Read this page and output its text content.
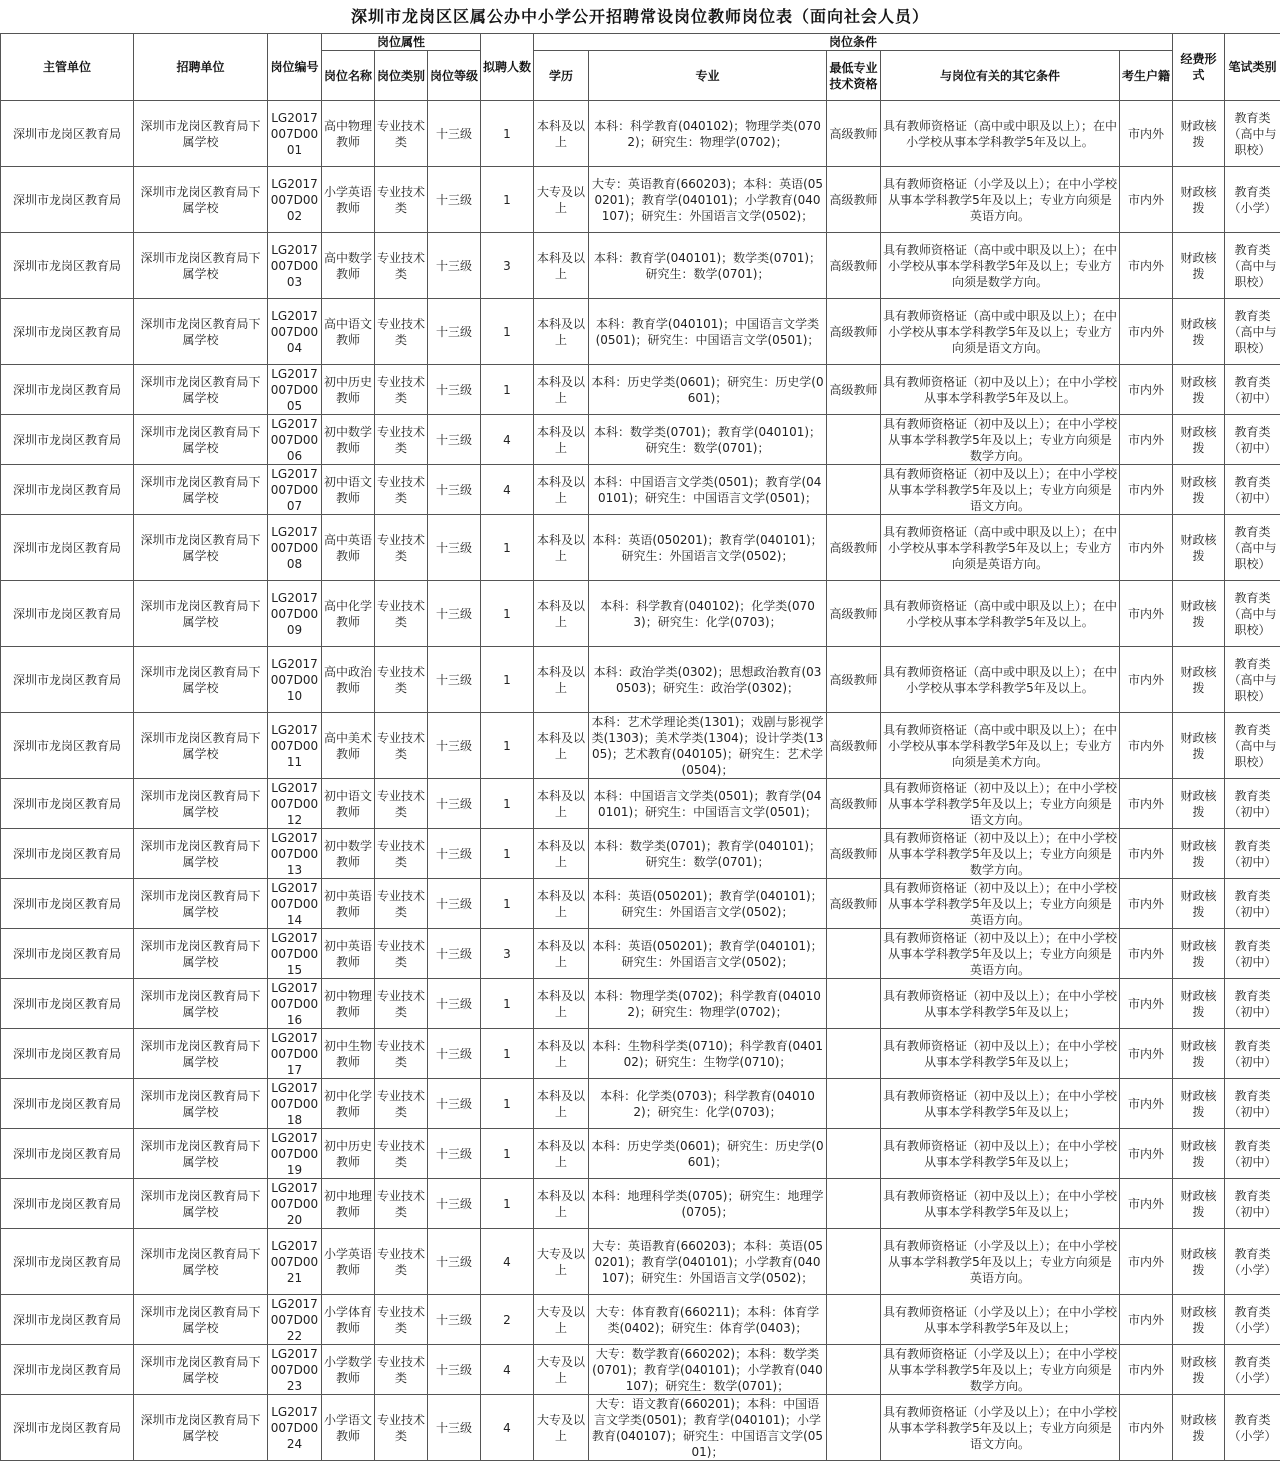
深圳市龙岗区区属公办中小学公开招聘常设岗位教师岗位表（面向社会人员）
主管单位	招聘单位	岗位编号	岗位属性			拟聘人数	岗位条件					经费形式	笔试类别
			岗位名称	岗位类别	岗位等级		学历	专业	最低专业技术资格	与岗位有关的其它条件	考生户籍		
深圳市龙岗区教育局	深圳市龙岗区教育局下属学校	LG2017007D0001	高中物理教师	专业技术类	十三级	1	本科及以上	本科：科学教育(040102)；物理学类(0702)；研究生：物理学(0702)；	高级教师	具有教师资格证（高中或中职及以上）；在中小学校从事本学科教学5年及以上。	市内外	财政核拨	教育类（高中与职校）
深圳市龙岗区教育局	深圳市龙岗区教育局下属学校	LG2017007D0002	小学英语教师	专业技术类	十三级	1	大专及以上	大专：英语教育(660203)；本科：英语(050201)；教育学(040101)；小学教育(040107)；研究生：外国语言文学(0502)；	高级教师	具有教师资格证（小学及以上）；在中小学校从事本学科教学5年及以上；专业方向须是英语方向。	市内外	财政核拨	教育类（小学）
深圳市龙岗区教育局	深圳市龙岗区教育局下属学校	LG2017007D0003	高中数学教师	专业技术类	十三级	3	本科及以上	本科：教育学(040101)；数学类(0701)；研究生：数学(0701)；	高级教师	具有教师资格证（高中或中职及以上）；在中小学校从事本学科教学5年及以上；专业方向须是数学方向。	市内外	财政核拨	教育类（高中与职校）
深圳市龙岗区教育局	深圳市龙岗区教育局下属学校	LG2017007D0004	高中语文教师	专业技术类	十三级	1	本科及以上	本科：教育学(040101)；中国语言文学类(0501)；研究生：中国语言文学(0501)；	高级教师	具有教师资格证（高中或中职及以上）；在中小学校从事本学科教学5年及以上；专业方向须是语文方向。	市内外	财政核拨	教育类（高中与职校）
深圳市龙岗区教育局	深圳市龙岗区教育局下属学校	LG2017007D0005	初中历史教师	专业技术类	十三级	1	本科及以上	本科：历史学类(0601)；研究生：历史学(0601)；	高级教师	具有教师资格证（初中及以上）；在中小学校从事本学科教学5年及以上。	市内外	财政核拨	教育类（初中）
深圳市龙岗区教育局	深圳市龙岗区教育局下属学校	LG2017007D0006	初中数学教师	专业技术类	十三级	4	本科及以上	本科：数学类(0701)；教育学(040101)；研究生：数学(0701)；		具有教师资格证（初中及以上）；在中小学校从事本学科教学5年及以上；专业方向须是数学方向。	市内外	财政核拨	教育类（初中）
深圳市龙岗区教育局	深圳市龙岗区教育局下属学校	LG2017007D0007	初中语文教师	专业技术类	十三级	4	本科及以上	本科：中国语言文学类(0501)；教育学(040101)；研究生：中国语言文学(0501)；		具有教师资格证（初中及以上）；在中小学校从事本学科教学5年及以上；专业方向须是语文方向。	市内外	财政核拨	教育类（初中）
深圳市龙岗区教育局	深圳市龙岗区教育局下属学校	LG2017007D0008	高中英语教师	专业技术类	十三级	1	本科及以上	本科：英语(050201)；教育学(040101)；研究生：外国语言文学(0502)；	高级教师	具有教师资格证（高中或中职及以上）；在中小学校从事本学科教学5年及以上；专业方向须是英语方向。	市内外	财政核拨	教育类（高中与职校）
深圳市龙岗区教育局	深圳市龙岗区教育局下属学校	LG2017007D0009	高中化学教师	专业技术类	十三级	1	本科及以上	本科：科学教育(040102)；化学类(0703)；研究生：化学(0703)；	高级教师	具有教师资格证（高中或中职及以上）；在中小学校从事本学科教学5年及以上。	市内外	财政核拨	教育类（高中与职校）
深圳市龙岗区教育局	深圳市龙岗区教育局下属学校	LG2017007D0010	高中政治教师	专业技术类	十三级	1	本科及以上	本科：政治学类(0302)；思想政治教育(030503)；研究生：政治学(0302)；	高级教师	具有教师资格证（高中或中职及以上）；在中小学校从事本学科教学5年及以上。	市内外	财政核拨	教育类（高中与职校）
深圳市龙岗区教育局	深圳市龙岗区教育局下属学校	LG2017007D0011	高中美术教师	专业技术类	十三级	1	本科及以上	本科：艺术学理论类(1301)；戏剧与影视学类(1303)；美术学类(1304)；设计学类(1305)；艺术教育(040105)；研究生：艺术学(0504)；	高级教师	具有教师资格证（高中或中职及以上）；在中小学校从事本学科教学5年及以上；专业方向须是美术方向。	市内外	财政核拨	教育类（高中与职校）
深圳市龙岗区教育局	深圳市龙岗区教育局下属学校	LG2017007D0012	初中语文教师	专业技术类	十三级	1	本科及以上	本科：中国语言文学类(0501)；教育学(040101)；研究生：中国语言文学(0501)；	高级教师	具有教师资格证（初中及以上）；在中小学校从事本学科教学5年及以上；专业方向须是语文方向。	市内外	财政核拨	教育类（初中）
深圳市龙岗区教育局	深圳市龙岗区教育局下属学校	LG2017007D0013	初中数学教师	专业技术类	十三级	1	本科及以上	本科：数学类(0701)；教育学(040101)；研究生：数学(0701)；	高级教师	具有教师资格证（初中及以上）；在中小学校从事本学科教学5年及以上；专业方向须是数学方向。	市内外	财政核拨	教育类（初中）
深圳市龙岗区教育局	深圳市龙岗区教育局下属学校	LG2017007D0014	初中英语教师	专业技术类	十三级	1	本科及以上	本科：英语(050201)；教育学(040101)；研究生：外国语言文学(0502)；	高级教师	具有教师资格证（初中及以上）；在中小学校从事本学科教学5年及以上；专业方向须是英语方向。	市内外	财政核拨	教育类（初中）
深圳市龙岗区教育局	深圳市龙岗区教育局下属学校	LG2017007D0015	初中英语教师	专业技术类	十三级	3	本科及以上	本科：英语(050201)；教育学(040101)；研究生：外国语言文学(0502)；		具有教师资格证（初中及以上）；在中小学校从事本学科教学5年及以上；专业方向须是英语方向。	市内外	财政核拨	教育类（初中）
深圳市龙岗区教育局	深圳市龙岗区教育局下属学校	LG2017007D0016	初中物理教师	专业技术类	十三级	1	本科及以上	本科：物理学类(0702)；科学教育(040102)；研究生：物理学(0702)；		具有教师资格证（初中及以上）；在中小学校从事本学科教学5年及以上；	市内外	财政核拨	教育类（初中）
深圳市龙岗区教育局	深圳市龙岗区教育局下属学校	LG2017007D0017	初中生物教师	专业技术类	十三级	1	本科及以上	本科：生物科学类(0710)；科学教育(040102)；研究生：生物学(0710)；		具有教师资格证（初中及以上）；在中小学校从事本学科教学5年及以上；	市内外	财政核拨	教育类（初中）
深圳市龙岗区教育局	深圳市龙岗区教育局下属学校	LG2017007D0018	初中化学教师	专业技术类	十三级	1	本科及以上	本科：化学类(0703)；科学教育(040102)；研究生：化学(0703)；		具有教师资格证（初中及以上）；在中小学校从事本学科教学5年及以上；	市内外	财政核拨	教育类（初中）
深圳市龙岗区教育局	深圳市龙岗区教育局下属学校	LG2017007D0019	初中历史教师	专业技术类	十三级	1	本科及以上	本科：历史学类(0601)；研究生：历史学(0601)；		具有教师资格证（初中及以上）；在中小学校从事本学科教学5年及以上；	市内外	财政核拨	教育类（初中）
深圳市龙岗区教育局	深圳市龙岗区教育局下属学校	LG2017007D0020	初中地理教师	专业技术类	十三级	1	本科及以上	本科：地理科学类(0705)；研究生：地理学(0705)；		具有教师资格证（初中及以上）；在中小学校从事本学科教学5年及以上；	市内外	财政核拨	教育类（初中）
深圳市龙岗区教育局	深圳市龙岗区教育局下属学校	LG2017007D0021	小学英语教师	专业技术类	十三级	4	大专及以上	大专：英语教育(660203)；本科：英语(050201)；教育学(040101)；小学教育(040107)；研究生：外国语言文学(0502)；		具有教师资格证（小学及以上）；在中小学校从事本学科教学5年及以上；专业方向须是英语方向。	市内外	财政核拨	教育类（小学）
深圳市龙岗区教育局	深圳市龙岗区教育局下属学校	LG2017007D0022	小学体育教师	专业技术类	十三级	2	大专及以上	大专：体育教育(660211)；本科：体育学类(0402)；研究生：体育学(0403)；		具有教师资格证（小学及以上）；在中小学校从事本学科教学5年及以上；	市内外	财政核拨	教育类（小学）
深圳市龙岗区教育局	深圳市龙岗区教育局下属学校	LG2017007D0023	小学数学教师	专业技术类	十三级	4	大专及以上	大专：数学教育(660202)；本科：数学类(0701)；教育学(040101)；小学教育(040107)；研究生：数学(0701)；		具有教师资格证（小学及以上）；在中小学校从事本学科教学5年及以上；专业方向须是数学方向。	市内外	财政核拨	教育类（小学）
深圳市龙岗区教育局	深圳市龙岗区教育局下属学校	LG2017007D0024	小学语文教师	专业技术类	十三级	4	大专及以上	大专：语文教育(660201)；本科：中国语言文学类(0501)；教育学(040101)；小学教育(040107)；研究生：中国语言文学(0501)；		具有教师资格证（小学及以上）；在中小学校从事本学科教学5年及以上；专业方向须是语文方向。	市内外	财政核拨	教育类（小学）
